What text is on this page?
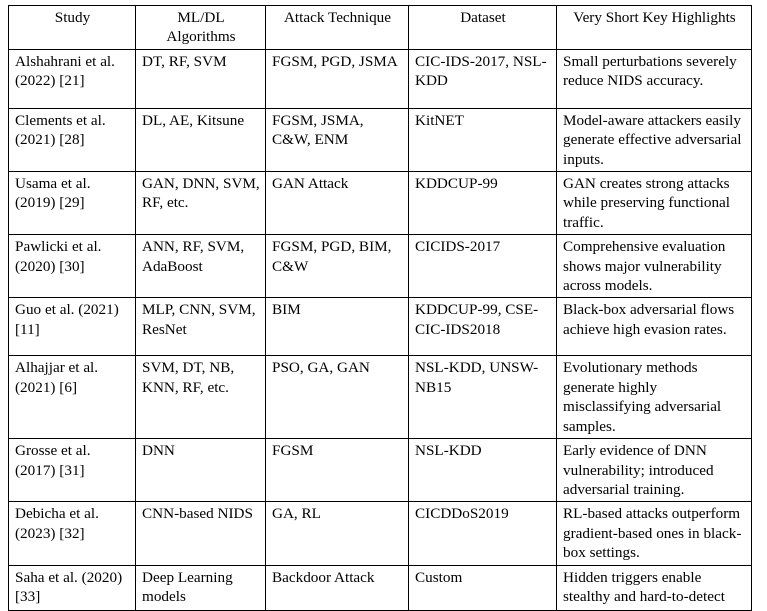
Study	ML/DL Algorithms	Attack Technique	Dataset	Very Short Key Highlights
Alshahrani et al. (2022) [21]	DT, RF, SVM	FGSM, PGD, JSMA	CIC-IDS-2017, NSL-KDD	Small perturbations severely reduce NIDS accuracy.
Clements et al. (2021) [28]	DL, AE, Kitsune	FGSM, JSMA, C&W, ENM	KitNET	Model-aware attackers easily generate effective adversarial inputs.
Usama et al. (2019) [29]	GAN, DNN, SVM, RF, etc.	GAN Attack	KDDCUP-99	GAN creates strong attacks while preserving functional traffic.
Pawlicki et al. (2020) [30]	ANN, RF, SVM, AdaBoost	FGSM, PGD, BIM, C&W	CICIDS-2017	Comprehensive evaluation shows major vulnerability across models.
Guo et al. (2021) [11]	MLP, CNN, SVM, ResNet	BIM	KDDCUP-99, CSE-CIC-IDS2018	Black-box adversarial flows achieve high evasion rates.
Alhajjar et al. (2021) [6]	SVM, DT, NB, KNN, RF, etc.	PSO, GA, GAN	NSL-KDD, UNSW-NB15	Evolutionary methods generate highly misclassifying adversarial samples.
Grosse et al. (2017) [31]	DNN	FGSM	NSL-KDD	Early evidence of DNN vulnerability; introduced adversarial training.
Debicha et al. (2023) [32]	CNN-based NIDS	GA, RL	CICDDoS2019	RL-based attacks outperform gradient-based ones in black-box settings.
Saha et al. (2020) [33]	Deep Learning models	Backdoor Attack	Custom	Hidden triggers enable stealthy and hard-to-detect
